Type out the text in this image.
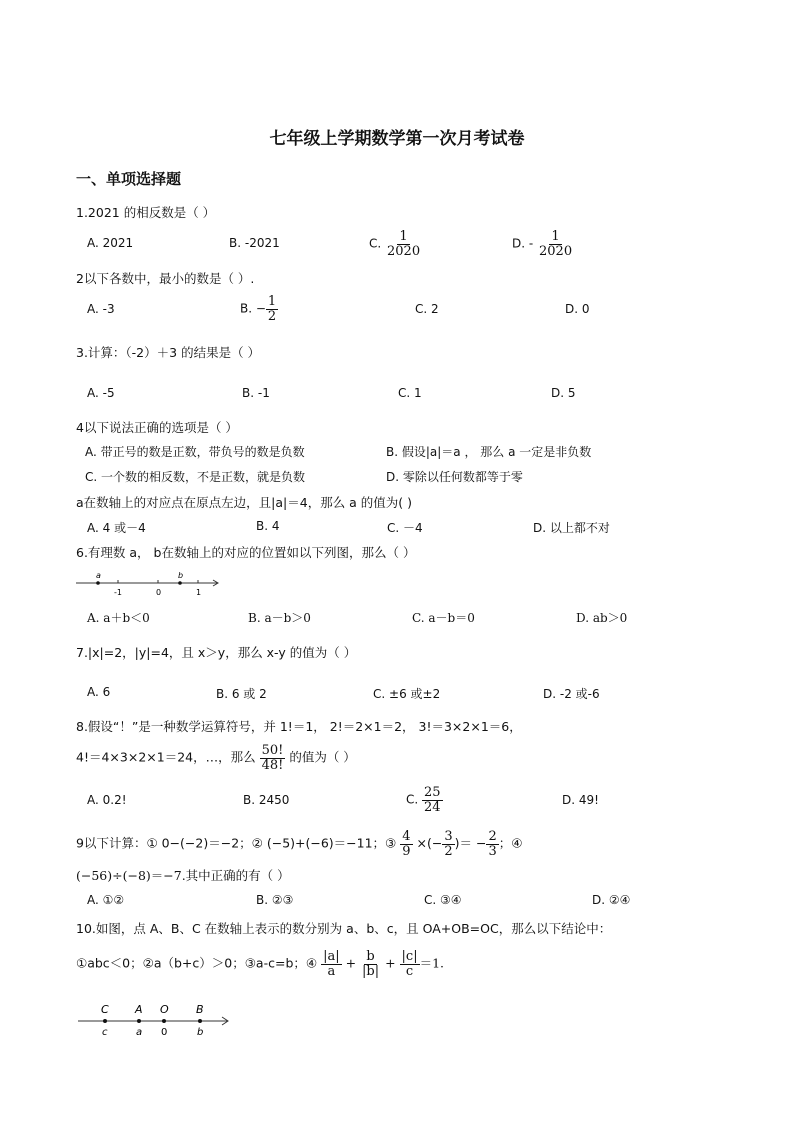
七年级上学期数学第一次月考试卷
一、单项选择题
1.2021 的相反数是（ ）
A. 2021	B. -2021	C. $\frac{1}{2020}$	D. - $\frac{1}{2020}$
2以下各数中，最小的数是（ ）.
A. -3	B. − $\frac{1}{2}$	C. 2	D. 0
3.计算：（-2）＋3 的结果是（ ）
A. -5	B. -1	C. 1	D. 5
4以下说法正确的选项是（ ）
A. 带正号的数是正数，带负号的数是负数	B. 假设|a|＝a ， 那么 a 一定是非负数
C. 一个数的相反数，不是正数，就是负数	D. 零除以任何数都等于零
a在数轴上的对应点在原点左边，且|a|＝4，那么 a 的值为( )
A. 4 或－4	B. 4	C. －4	D. 以上都不对
6.有理数 a， b在数轴上的对应的位置如以下列图，那么（ ）
a	b
-1	0	1
A. a＋b＜0	B. a－b＞0	C. a－b＝0	D. ab＞0
7.|x|=2，|y|=4，且 x＞y，那么 x-y 的值为（ ）
A. 6	B. 6 或 2	C. ±6 或±2	D. -2 或-6
8.假设“！”是一种数学运算符号，并 1!＝1， 2!＝2×1＝2， 3!＝3×2×1＝6，
4!＝4×3×2×1＝24，…，那么 $\frac{50!}{48!}$ 的值为（ ）
A. 0.2!	B. 2450	C. $\frac{25}{24}$	D. 49!
9以下计算：① 0−(−2)＝−2；② (−5)+(−6)＝−11；③ $\frac{4}{9}$ ×(− $\frac{3}{2}$ )＝ − $\frac{2}{3}$ ；④
(−56)÷(−8)＝−7.其中正确的有（ ）
A. ①②	B. ②③	C. ③④	D. ②④
10.如图，点 A、B、C 在数轴上表示的数分别为 a、b、c，且 OA+OB=OC，那么以下结论中：
①abc＜0；②a（b+c）＞0；③a-c=b；④ $\frac{|a|}{a} + \frac{b}{|b|} + \frac{|c|}{c} =1$.
C A O B
c	a 0	b
